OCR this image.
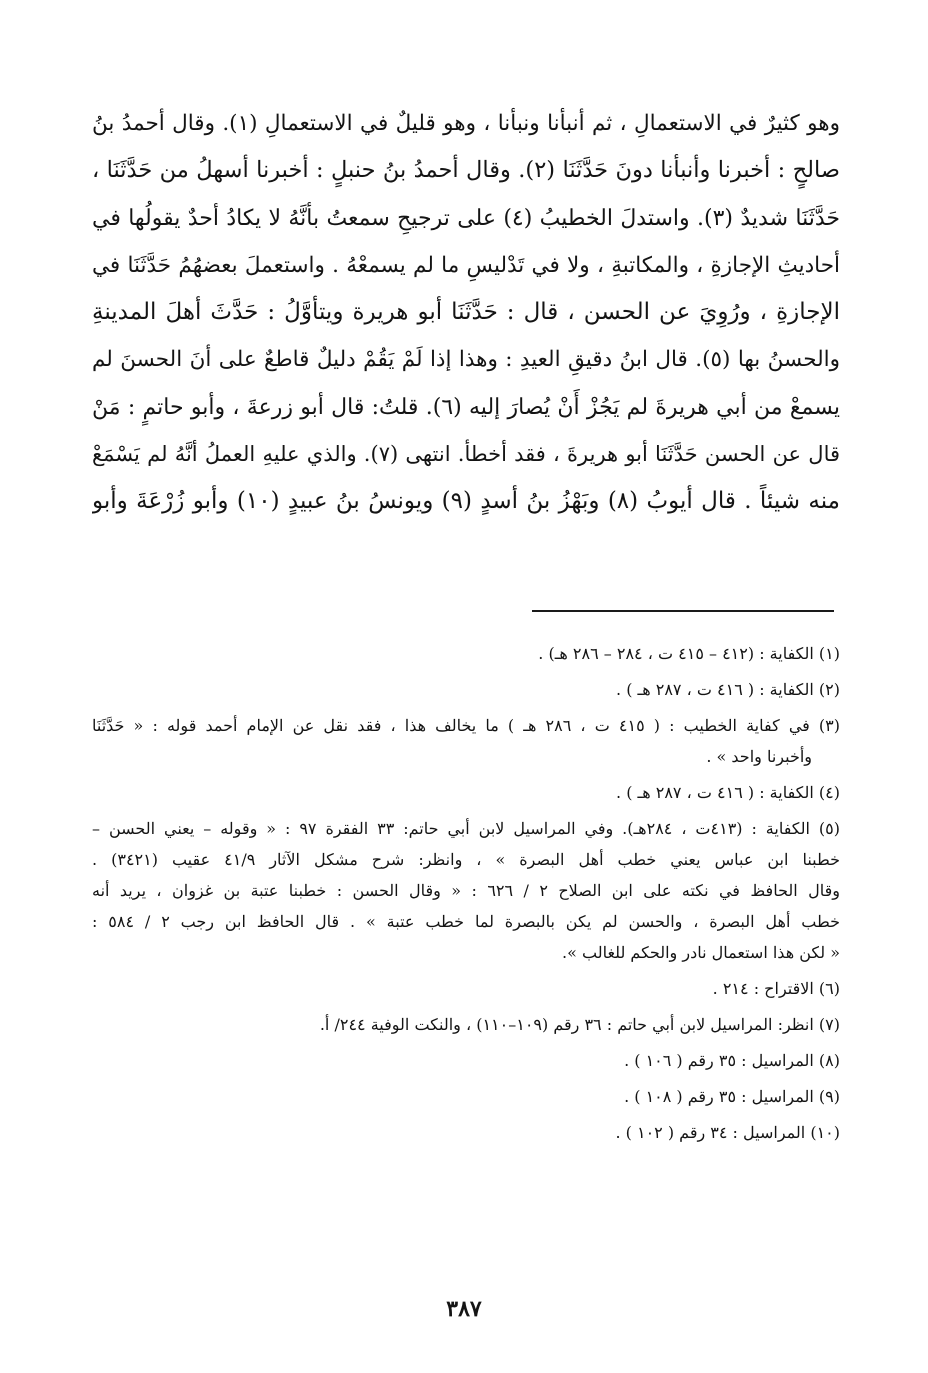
وهو كثيرٌ في الاستعمالِ ، ثم أنبأنا ونبأنا ، وهو قليلٌ في الاستعمالِ (١). وقال أحمدُ بنُ
صالحٍ : أخبرنا وأنبأنا دونَ حَدَّثَنَا (٢). وقال أحمدُ بنُ حنبلٍ : أخبرنا أسهلُ من حَدَّثَنَا ،
حَدَّثَنَا شديدٌ (٣). واستدلَ الخطيبُ (٤) على ترجيحِ سمعتُ بأنَّهُ لا يكادُ أحدٌ يقولُها في
أحاديثِ الإجازةِ ، والمكاتبةِ ، ولا في تَدْليسِ ما لم يسمعْهُ . واستعملَ بعضهُمُ حَدَّثَنَا في
الإجازةِ ، ورُوِيَ عن الحسن ، قال : حَدَّثَنَا أبو هريرة ويتأوَّلُ : حَدَّثَ أهلَ المدينةِ
والحسنُ بها (٥). قال ابنُ دقيقِ العيدِ : وهذا إذا لَمْ يَقُمْ دليلٌ قاطعٌ على أنَ الحسنَ لم
يسمعْ من أبي هريرةَ لم يَجُزْ أَنْ يُصارَ إليه (٦). قلتُ: قال أبو زرعةَ ، وأبو حاتمٍ : مَنْ
قال عن الحسن حَدَّثَنَا أبو هريرةَ ، فقد أخطأ. انتهى (٧). والذي عليهِ العملُ أنَّهُ لم يَسْمَعْ
منه شيئاً . قال أيوبُ (٨) وبَهْزُ بنُ أسدٍ (٩) ويونسُ بنُ عبيدٍ (١٠) وأبو زُرْعَةَ وأبو
(١) الكفاية : (٤١٢ – ٤١٥ ت ، ٢٨٤ – ٢٨٦ هـ) .
(٢) الكفاية : ( ٤١٦ ت ، ٢٨٧ هـ ) .
(٣) في كفاية الخطيب : ( ٤١٥ ت ، ٢٨٦ هـ ) ما يخالف هذا ، فقد نقل عن الإمام أحمد قوله : « حَدَّثَنَا
وأخبرنا واحد » .
(٤) الكفاية : ( ٤١٦ ت ، ٢٨٧ هـ ) .
(٥) الكفاية : (٤١٣ت ، ٢٨٤هـ). وفي المراسيل لابن أبي حاتم: ٣٣ الفقرة ٩٧ : « وقوله – يعني الحسن –
خطبنا ابن عباس يعني خطب أهل البصرة » ، وانظر: شرح مشكل الآثار ٤١/٩ عقيب (٣٤٢١) .
وقال الحافظ في نكته على ابن الصلاح ٢ / ٦٢٦ : « وقال الحسن : خطبنا عتبة بن غزوان ، يريد أنه
خطب أهل البصرة ، والحسن لم يكن بالبصرة لما خطب عتبة » . قال الحافظ ابن رجب ٢ / ٥٨٤ :
« لكن هذا استعمال نادر والحكم للغالب ».
(٦) الاقتراح : ٢١٤ .
(٧) انظر: المراسيل لابن أبي حاتم : ٣٦ رقم (١٠٩–١١٠) ، والنكت الوفية ٢٤٤/ أ.
(٨) المراسيل : ٣٥ رقم ( ١٠٦ ) .
(٩) المراسيل : ٣٥ رقم ( ١٠٨ ) .
(١٠) المراسيل : ٣٤ رقم ( ١٠٢ ) .
٣٨٧
